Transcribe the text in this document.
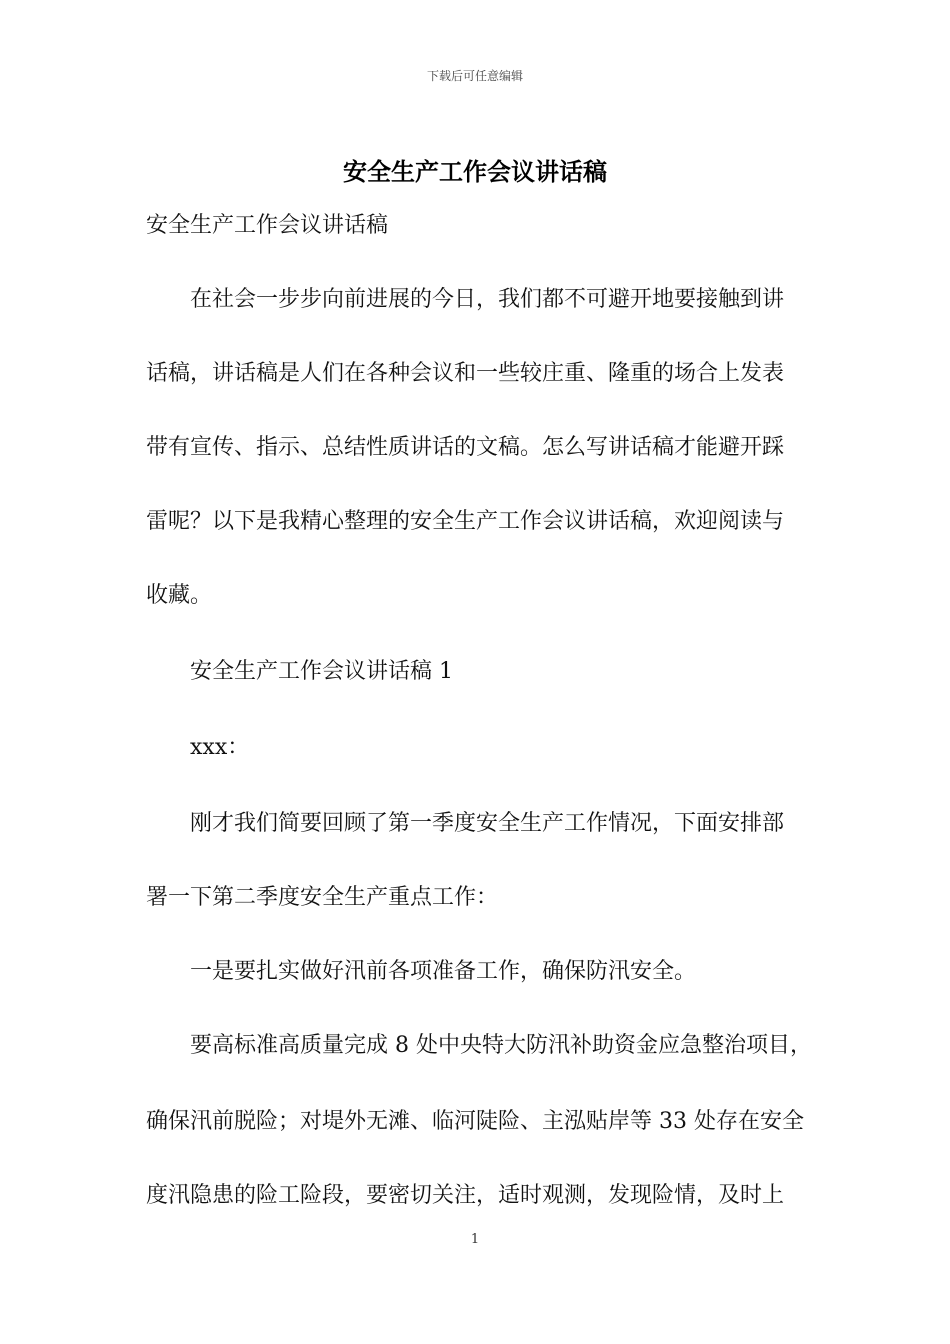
下载后可任意编辑
安全生产工作会议讲话稿
安全生产工作会议讲话稿
在社会一步步向前进展的今日，我们都不可避开地要接触到讲
话稿，讲话稿是人们在各种会议和一些较庄重、隆重的场合上发表
带有宣传、指示、总结性质讲话的文稿。怎么写讲话稿才能避开踩
雷呢？以下是我精心整理的安全生产工作会议讲话稿，欢迎阅读与
收藏。
安全生产工作会议讲话稿 1
xxx：
刚才我们简要回顾了第一季度安全生产工作情况，下面安排部
署一下第二季度安全生产重点工作：
一是要扎实做好汛前各项准备工作，确保防汛安全。
要高标准高质量完成 8 处中央特大防汛补助资金应急整治项目，
确保汛前脱险；对堤外无滩、临河陡险、主泓贴岸等 33 处存在安全
度汛隐患的险工险段，要密切关注，适时观测，发现险情，及时上
1
